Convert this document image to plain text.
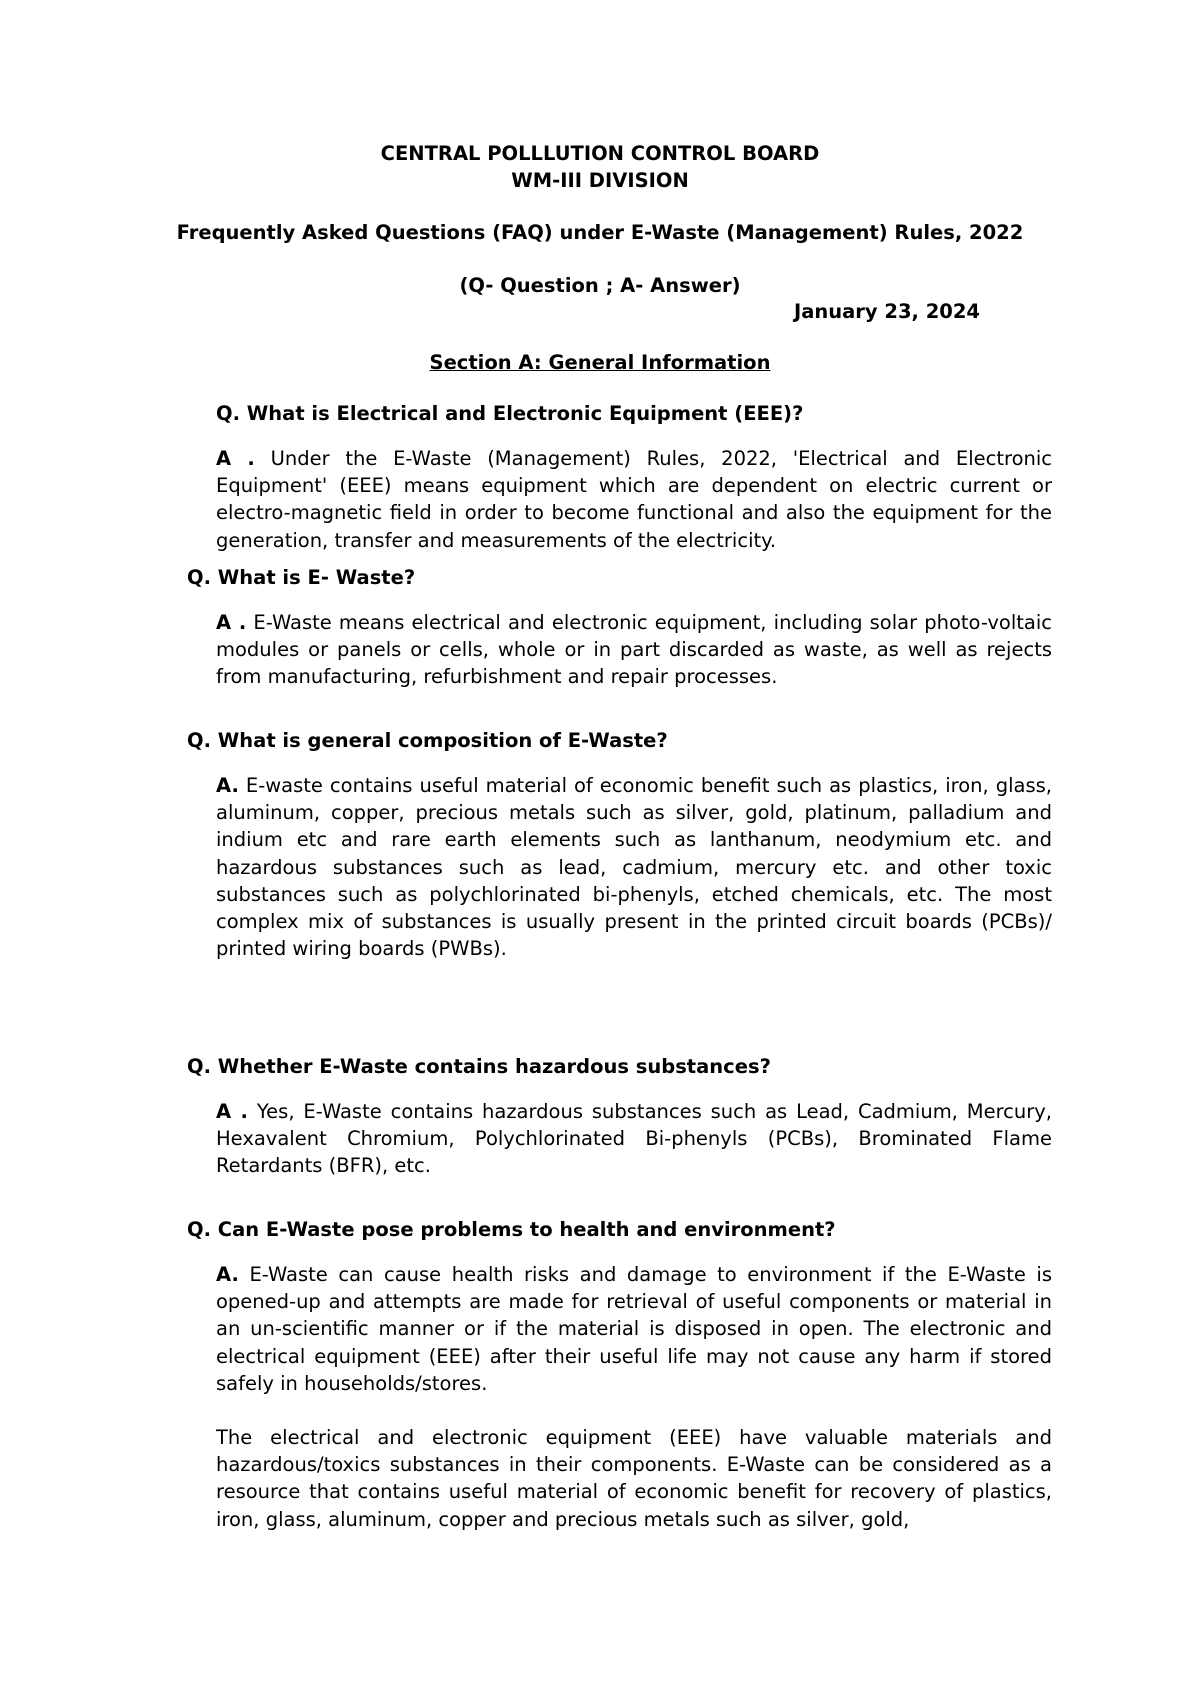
CENTRAL POLLLUTION CONTROL BOARD
WM-III DIVISION
Frequently Asked Questions (FAQ) under E-Waste (Management) Rules, 2022
(Q- Question ; A- Answer)
January 23, 2024
Section A: General Information
Q. What is Electrical and Electronic Equipment (EEE)?

A . Under the E-Waste (Management) Rules, 2022, 'Electrical and Electronic Equipment' (EEE) means equipment which are dependent on electric current or electro-magnetic field in order to become functional and also the equipment for the generation, transfer and measurements of the electricity.

Q. What is E- Waste?

A . E-Waste means electrical and electronic equipment, including solar photo-voltaic modules or panels or cells, whole or in part discarded as waste, as well as rejects from manufacturing, refurbishment and repair processes.

Q. What is general composition of E-Waste?

A. E-waste contains useful material of economic benefit such as plastics, iron, glass, aluminum, copper, precious metals such as silver, gold, platinum, palladium and indium etc and rare earth elements such as lanthanum, neodymium etc. and hazardous substances such as lead, cadmium, mercury etc. and other toxic substances such as polychlorinated bi-phenyls, etched chemicals, etc. The most complex mix of substances is usually present in the printed circuit boards (PCBs)/ printed wiring boards (PWBs).

Q. Whether E-Waste contains hazardous substances?

A . Yes, E-Waste contains hazardous substances such as Lead, Cadmium, Mercury, Hexavalent Chromium, Polychlorinated Bi-phenyls (PCBs), Brominated Flame Retardants (BFR), etc.

Q. Can E-Waste pose problems to health and environment?

A. E-Waste can cause health risks and damage to environment if the E-Waste is opened-up and attempts are made for retrieval of useful components or material in an un-scientific manner or if the material is disposed in open. The electronic and electrical equipment (EEE) after their useful life may not cause any harm if stored safely in households/stores.

The electrical and electronic equipment (EEE) have valuable materials and hazardous/toxics substances in their components. E-Waste can be considered as a resource that contains useful material of economic benefit for recovery of plastics, iron, glass, aluminum, copper and precious metals such as silver, gold,
